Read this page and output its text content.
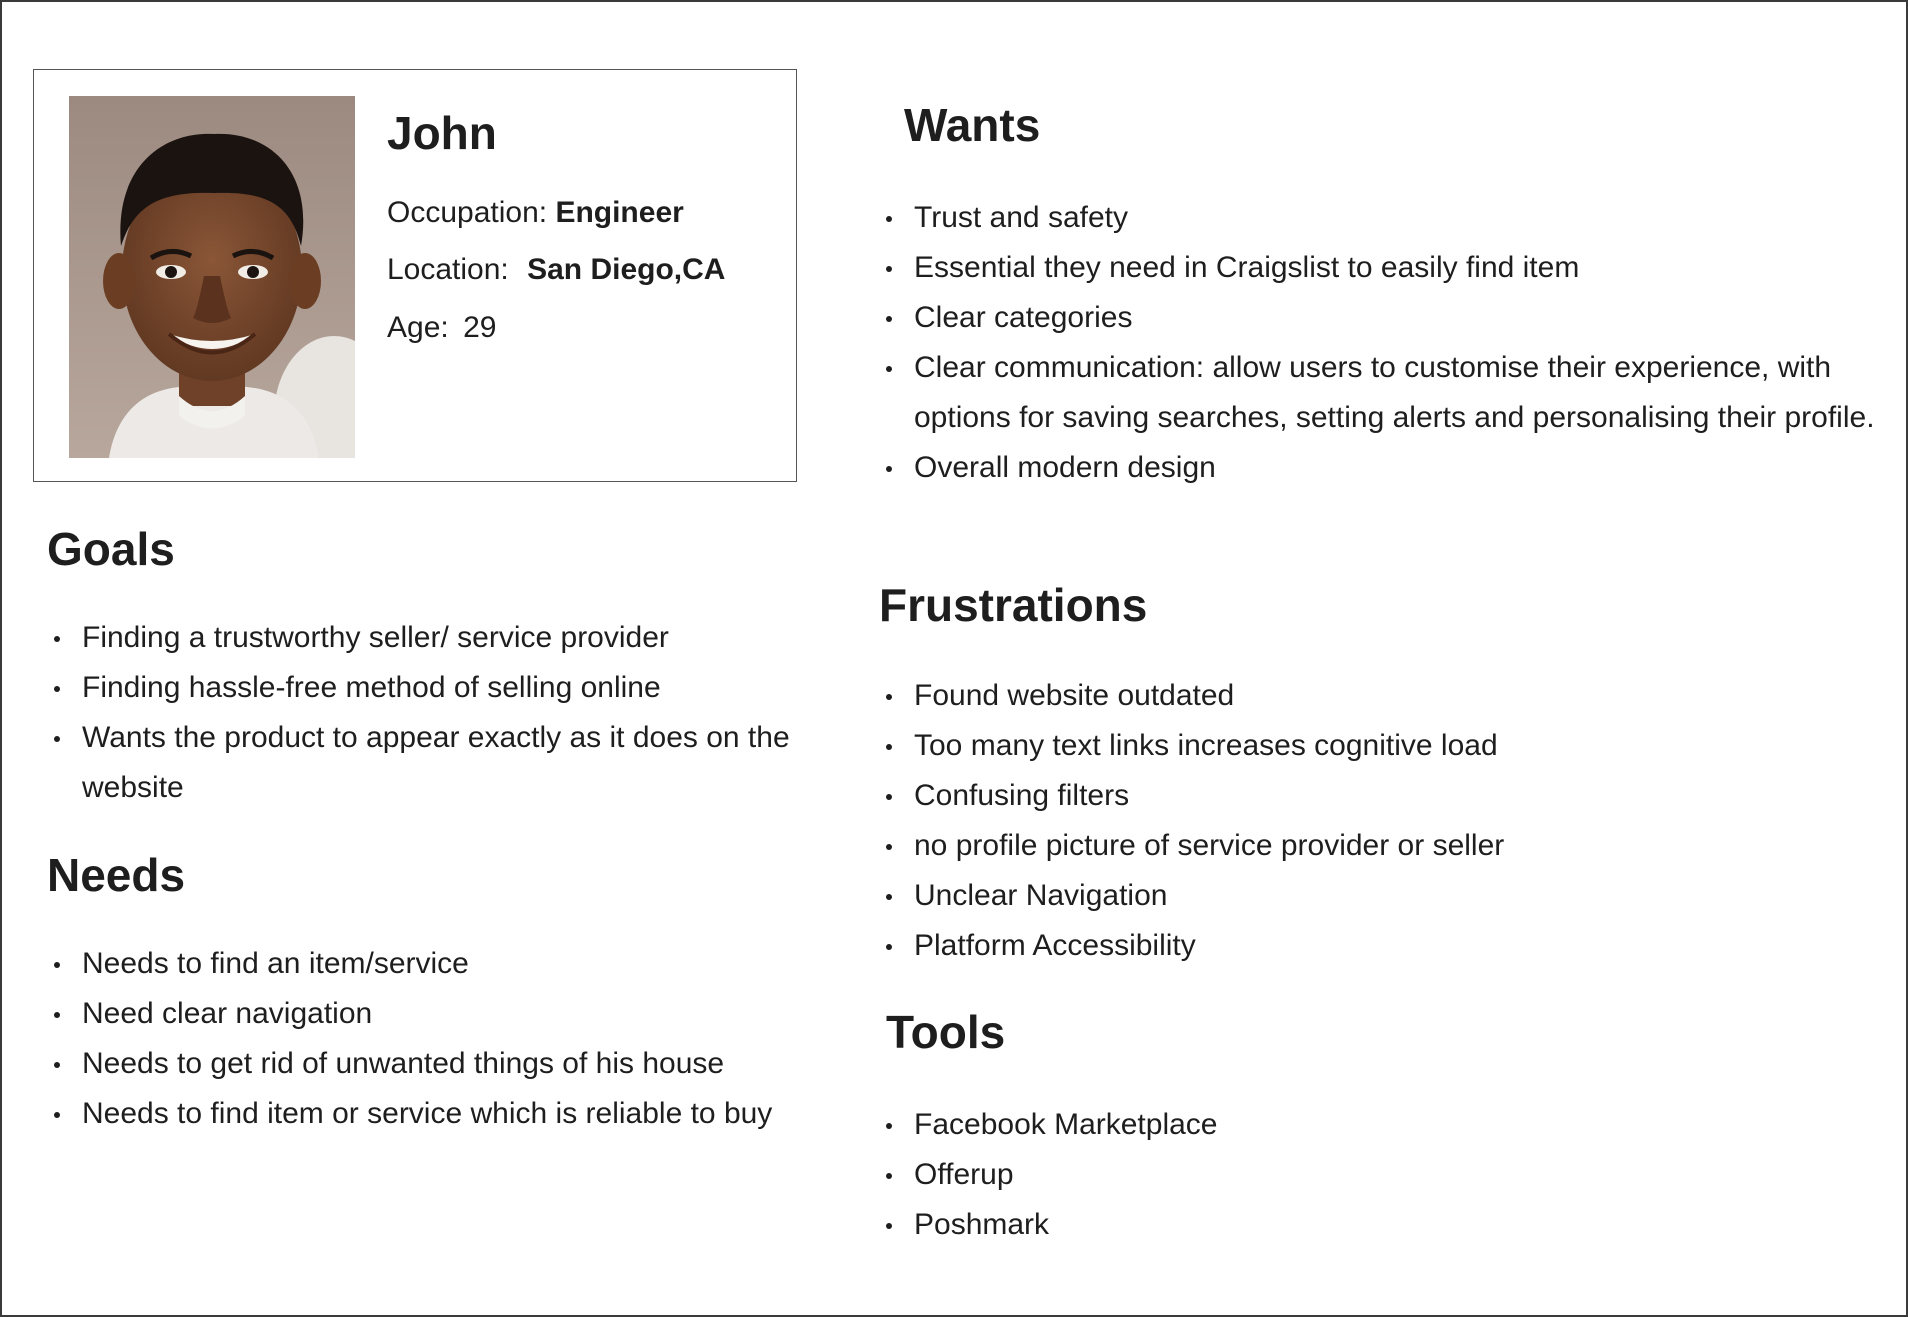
John
Occupation: Engineer
Location: San Diego,CA
Age: 29
Goals
Finding a trustworthy seller/ service provider
Finding hassle-free method of selling online
Wants the product to appear exactly as it does on the website
Needs
Needs to find an item/service
Need clear navigation
Needs to get rid of unwanted things of his house
Needs to find item or service which is reliable to buy
Wants
Trust and safety
Essential they need in Craigslist to easily find item
Clear categories
Clear communication: allow users to customise their experience, with options for saving searches, setting alerts and personalising their profile.
Overall modern design
Frustrations
Found website outdated
Too many text links increases cognitive load
Confusing filters
no profile picture of service provider or seller
Unclear Navigation
Platform Accessibility
Tools
Facebook Marketplace
Offerup
Poshmark
